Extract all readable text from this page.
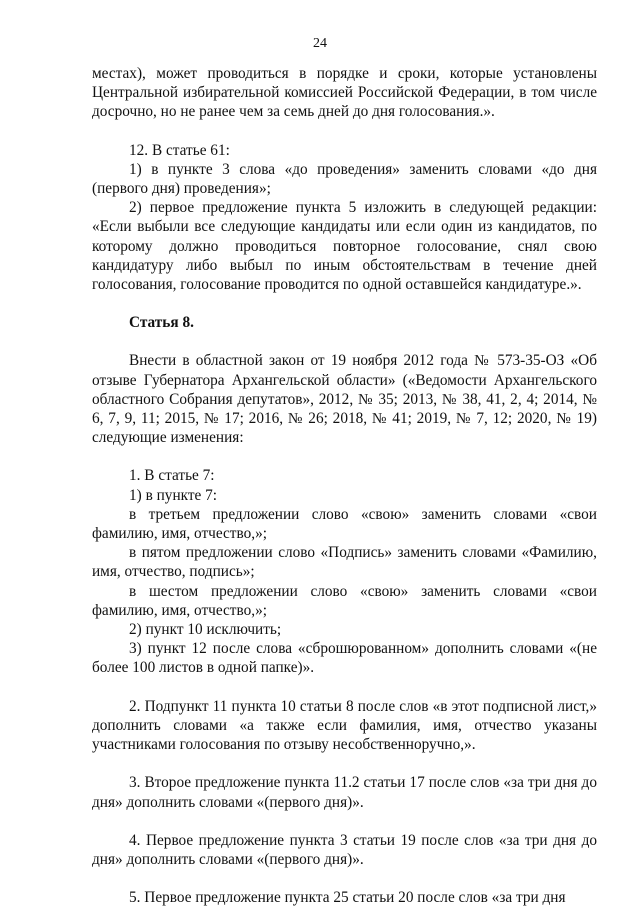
24

местах), может проводиться в порядке и сроки, которые установлены Центральной избирательной комиссией Российской Федерации, в том числе досрочно, но не ранее чем за семь дней до дня голосования.».

12. В статье 61:

1) в пункте 3 слова «до проведения» заменить словами «до дня (первого дня) проведения»;

2) первое предложение пункта 5 изложить в следующей редакции: «Если выбыли все следующие кандидаты или если один из кандидатов, по которому должно проводиться повторное голосование, снял свою кандидатуру либо выбыл по иным обстоятельствам в течение дней голосования, голосование проводится по одной оставшейся кандидатуре.».

Статья 8.

Внести в областной закон от 19 ноября 2012 года № 573-35-ОЗ «Об отзыве Губернатора Архангельской области» («Ведомости Архангельского областного Собрания депутатов», 2012, № 35; 2013, № 38, 41, 2, 4; 2014, № 6, 7, 9, 11; 2015, № 17; 2016, № 26; 2018, № 41; 2019, № 7, 12; 2020, № 19) следующие изменения:

1. В статье 7:

1) в пункте 7:

в третьем предложении слово «свою» заменить словами «свои фамилию, имя, отчество,»;

в пятом предложении слово «Подпись» заменить словами «Фамилию, имя, отчество, подпись»;

в шестом предложении слово «свою» заменить словами «свои фамилию, имя, отчество,»;

2) пункт 10 исключить;

3) пункт 12 после слова «сброшюрованном» дополнить словами «(не более 100 листов в одной папке)».

2. Подпункт 11 пункта 10 статьи 8 после слов «в этот подписной лист,» дополнить словами «а также если фамилия, имя, отчество указаны участниками голосования по отзыву несобственноручно,».

3. Второе предложение пункта 11.2 статьи 17 после слов «за три дня до дня» дополнить словами «(первого дня)».

4. Первое предложение пункта 3 статьи 19 после слов «за три дня до дня» дополнить словами «(первого дня)».

5. Первое предложение пункта 25 статьи 20 после слов «за три дня
